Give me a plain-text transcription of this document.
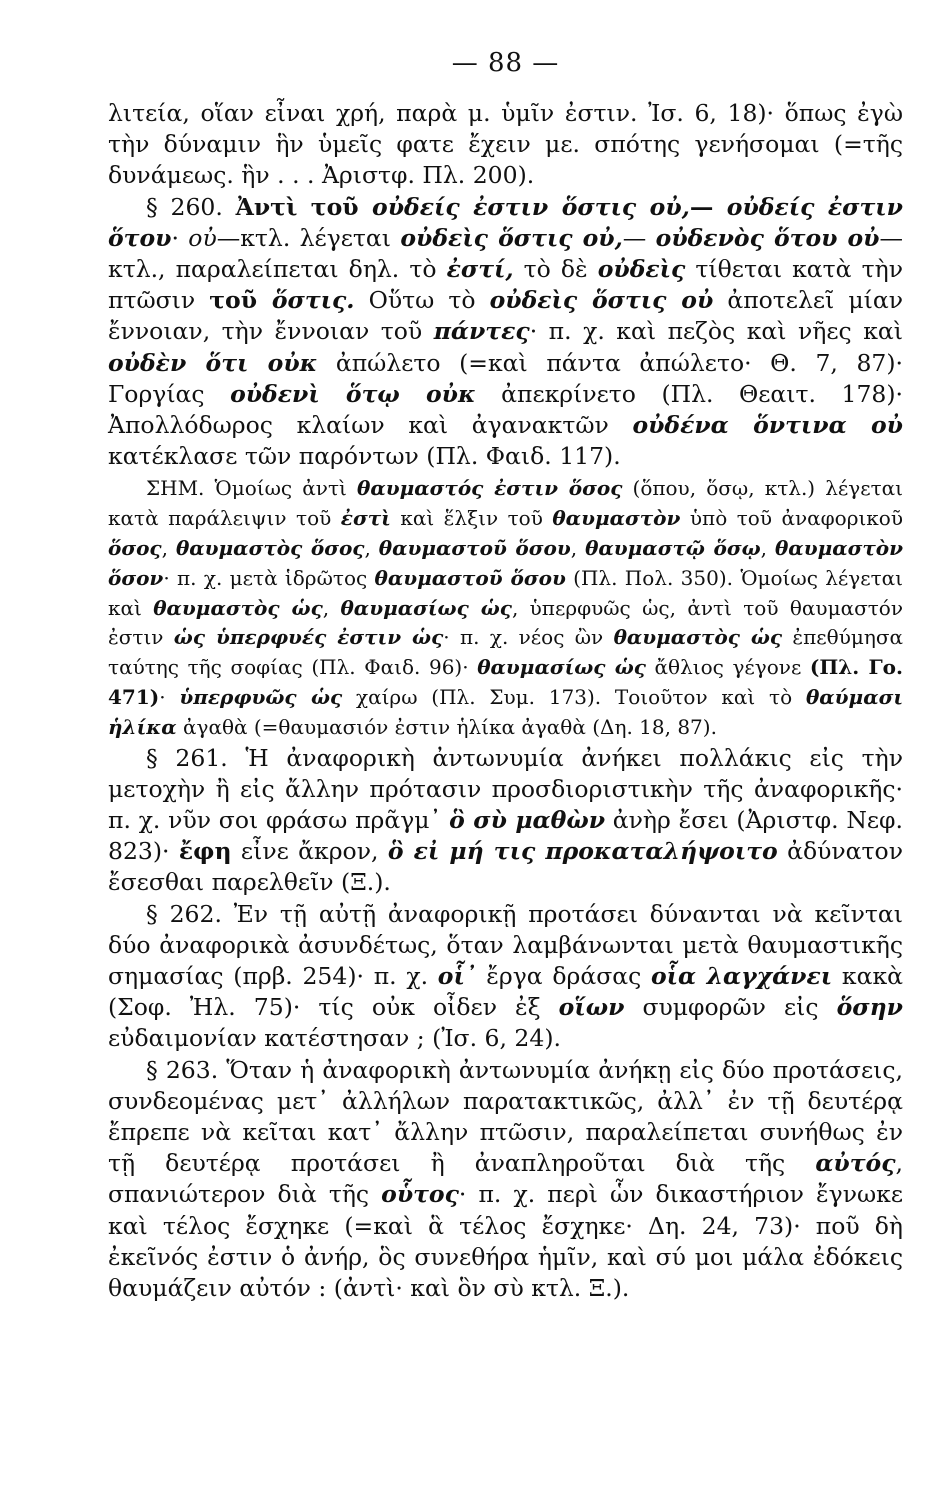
— 88 —

λιτεία, οἵαν εἶναι χρή, παρὰ μ. ὑμῖν ἐστιν. Ἰσ. 6, 18)· ὅπως ἐγὼ τὴν δύναμιν ἣν ὑμεῖς φατε ἔχειν με. σπότης γενήσομαι (=τῆς δυνάμεως. ἣν . . . Ἀριστφ. Πλ. 200).

§ 260. Ἀντὶ τοῦ οὐδείς ἐστιν ὅστις οὐ,— οὐδείς ἐστιν ὅτου· οὐ—κτλ. λέγεται οὐδεὶς ὅστις οὐ,— οὐδενὸς ὅτου οὐ— κτλ., παραλείπεται δηλ. τὸ ἐστί, τὸ δὲ οὐδεὶς τίθεται κατὰ τὴν πτῶσιν τοῦ ὅστις. Οὕτω τὸ οὐδεὶς ὅστις οὐ ἀποτελεῖ μίαν ἔννοιαν, τὴν ἔννοιαν τοῦ πάντες· π. χ. καὶ πεζὸς καὶ νῆες καὶ οὐδὲν ὅτι οὐκ ἀπώλετο (=καὶ πάντα ἀπώλετο· Θ. 7, 87)· Γοργίας οὐδενὶ ὅτῳ οὐκ ἀπεκρίνετο (Πλ. Θεαιτ. 178)· Ἀπολλόδωρος κλαίων καὶ ἀγανακτῶν οὐδένα ὅντινα οὐ κατέκλασε τῶν παρόντων (Πλ. Φαιδ. 117).

ΣΗΜ. Ὁμοίως ἀντὶ θαυμαστός ἐστιν ὅσος (ὅπου, ὅσῳ, κτλ.) λέγεται κατὰ παράλειψιν τοῦ ἐστὶ καὶ ἕλξιν τοῦ θαυμαστὸν ὑπὸ τοῦ ἀναφορικοῦ ὅσος, θαυμαστὸς ὅσος, θαυμαστοῦ ὅσου, θαυμαστῷ ὅσῳ, θαυμαστὸν ὅσον· π. χ. μετὰ ἱδρῶτος θαυμαστοῦ ὅσου (Πλ. Πολ. 350). Ὁμοίως λέγεται καὶ θαυμαστὸς ὡς, θαυμασίως ὡς, ὑπερφυῶς ὡς, ἀντὶ τοῦ θαυμαστόν ἐστιν ὡς ὑπερφυές ἐστιν ὡς· π. χ. νέος ὢν θαυμαστὸς ὡς ἐπεθύμησα ταύτης τῆς σοφίας (Πλ. Φαιδ. 96)· θαυμασίως ὡς ἄθλιος γέγονε (Πλ. Γο. 471)· ὑπερφυῶς ὡς χαίρω (Πλ. Συμ. 173). Τοιοῦτον καὶ τὸ θαύμασι ἡλίκα ἀγαθὰ (=θαυμασιόν ἐστιν ἡλίκα ἀγαθὰ (Δη. 18, 87).

§ 261. Ἡ ἀναφορικὴ ἀντωνυμία ἀνήκει πολλάκις εἰς τὴν μετοχὴν ἢ εἰς ἄλλην πρότασιν προσδιοριστικὴν τῆς ἀναφορικῆς· π. χ. νῦν σοι φράσω πρᾶγμ᾽ ὃ σὺ μαθὼν ἀνὴρ ἔσει (Ἀριστφ. Νεφ. 823)· ἔφη εἶνε ἄκρον, ὃ εἰ μή τις προκαταλήψοιτο ἀδύνατον ἔσεσθαι παρελθεῖν (Ξ.).

§ 262. Ἐν τῇ αὐτῇ ἀναφορικῇ προτάσει δύνανται νὰ κεῖνται δύο ἀναφορικὰ ἀσυνδέτως, ὅταν λαμβάνωνται μετὰ θαυμαστικῆς σημασίας (πρβ. 254)· π. χ. οἷ᾽ ἔργα δράσας οἷα λαγχάνει κακὰ (Σοφ. Ἠλ. 75)· τίς οὐκ οἶδεν ἐξ οἵων συμφορῶν εἰς ὅσην εὐδαιμονίαν κατέστησαν ; (Ἰσ. 6, 24).

§ 263. Ὅταν ἡ ἀναφορικὴ ἀντωνυμία ἀνήκῃ εἰς δύο προτάσεις, συνδεομένας μετ᾽ ἀλλήλων παρατακτικῶς, ἀλλ᾽ ἐν τῇ δευτέρᾳ ἔπρεπε νὰ κεῖται κατ᾽ ἄλλην πτῶσιν, παραλείπεται συνήθως ἐν τῇ δευτέρᾳ προτάσει ἢ ἀναπληροῦται διὰ τῆς αὐτός, σπανιώτερον διὰ τῆς οὗτος· π. χ. περὶ ὧν δικαστήριον ἔγνωκε καὶ τέλος ἔσχηκε (=καὶ ἃ τέλος ἔσχηκε· Δη. 24, 73)· ποῦ δὴ ἐκεῖνός ἐστιν ὁ ἀνήρ, ὃς συνεθήρα ἡμῖν, καὶ σύ μοι μάλα ἐδόκεις θαυμάζειν αὐτόν : (ἀντὶ· καὶ ὃν σὺ κτλ. Ξ.).
